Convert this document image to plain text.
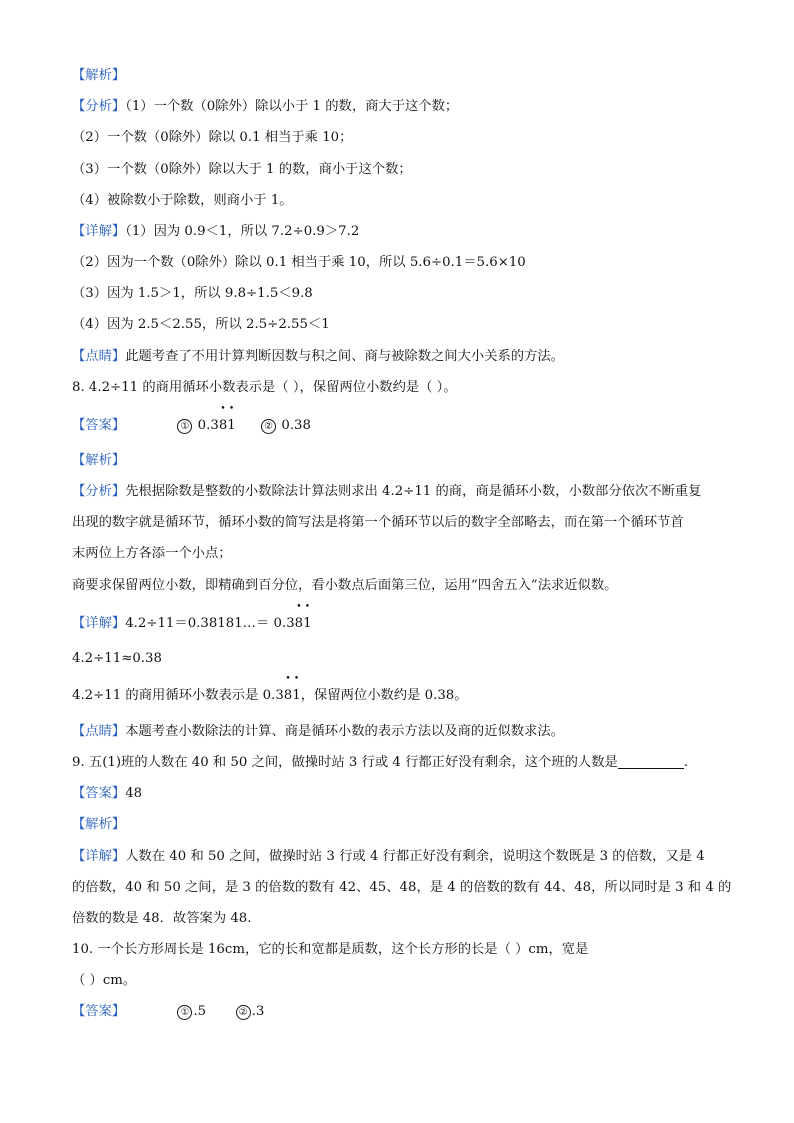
【解析】
【分析】（1）一个数（0除外）除以小于 1 的数，商大于这个数；
（2）一个数（0除外）除以 0.1 相当于乘 10；
（3）一个数（0除外）除以大于 1 的数，商小于这个数；
（4）被除数小于除数，则商小于 1。
【详解】（1）因为 0.9＜1，所以 7.2÷0.9＞7.2
（2）因为一个数（0除外）除以 0.1 相当于乘 10，所以 5.6÷0.1＝5.6×10
（3）因为 1.5＞1，所以 9.8÷1.5＜9.8
（4）因为 2.5＜2.55，所以 2.5÷2.55＜1
【点睛】此题考查了不用计算判断因数与积之间、商与被除数之间大小关系的方法。
8. 4.2÷11 的商用循环小数表示是（ ），保留两位小数约是（ ）。
【答案】	① 0.3• 8• 1	② 0.38
【解析】
【分析】先根据除数是整数的小数除法计算法则求出 4.2÷11 的商，商是循环小数，小数部分依次不断重复
出现的数字就是循环节，循环小数的简写法是将第一个循环节以后的数字全部略去，而在第一个循环节首
末两位上方各添一个小点；
商要求保留两位小数，即精确到百分位，看小数点后面第三位，运用“四舍五入”法求近似数。
【详解】4.2÷11＝0.38181…＝ 0.3• 8• 1
4.2÷11≈0.38
4.2÷11 的商用循环小数表示是 0.3• 8• 1，保留两位小数约是 0.38。
【点睛】本题考查小数除法的计算、商是循环小数的表示方法以及商的近似数求法。
9. 五(1)班的人数在 40 和 50 之间，做操时站 3 行或 4 行都正好没有剩余，这个班的人数是	.
【答案】48
【解析】
【详解】人数在 40 和 50 之间，做操时站 3 行或 4 行都正好没有剩余，说明这个数既是 3 的倍数，又是 4
的倍数，40 和 50 之间，是 3 的倍数的数有 42、45、48，是 4 的倍数的数有 44、48，所以同时是 3 和 4 的
倍数的数是 48．故答案为 48.
10. 一个长方形周长是 16cm，它的长和宽都是质数，这个长方形的长是（ ）cm，宽是
（ ）cm。
【答案】	① .5	② .3
